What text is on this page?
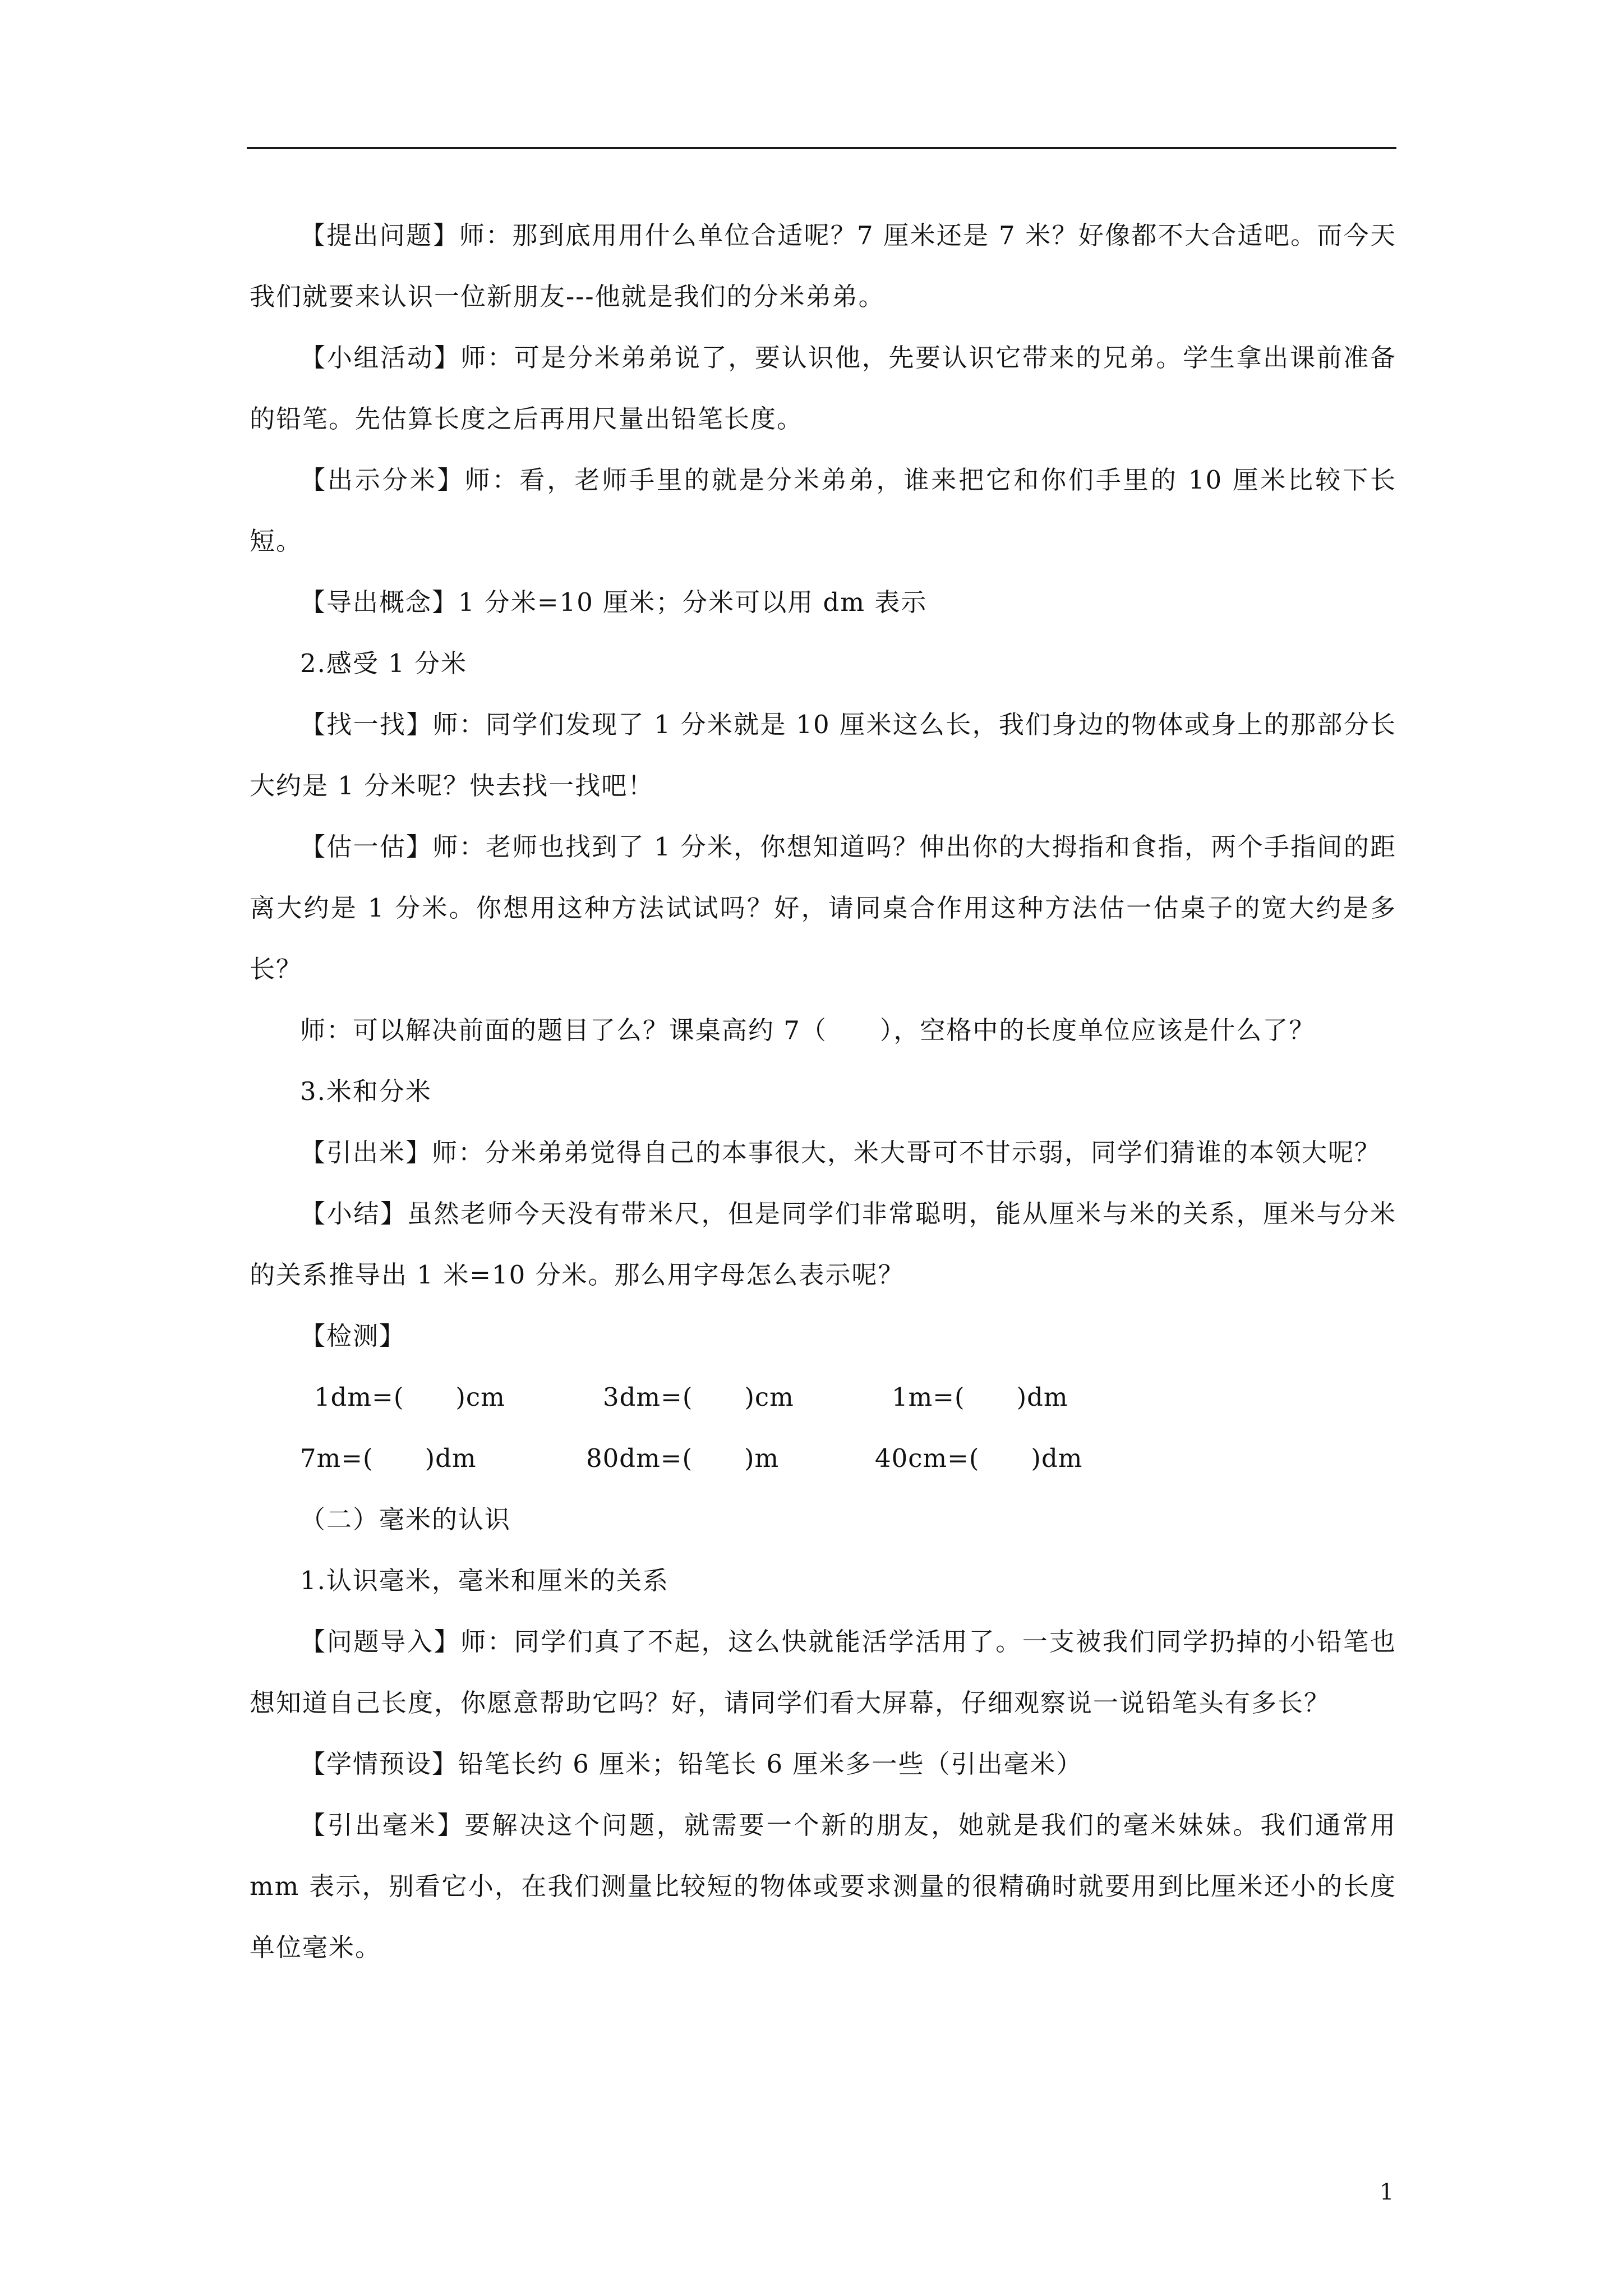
【提出问题】师：那到底用用什么单位合适呢？7 厘米还是 7 米？好像都不大合适吧。而今天我们就要来认识一位新朋友---他就是我们的分米弟弟。

【小组活动】师：可是分米弟弟说了，要认识他，先要认识它带来的兄弟。学生拿出课前准备的铅笔。先估算长度之后再用尺量出铅笔长度。

【出示分米】师：看，老师手里的就是分米弟弟，谁来把它和你们手里的 10 厘米比较下长短。

【导出概念】1 分米=10 厘米；分米可以用 dm 表示

2.感受 1 分米

【找一找】师：同学们发现了 1 分米就是 10 厘米这么长，我们身边的物体或身上的那部分长大约是 1 分米呢？快去找一找吧！

【估一估】师：老师也找到了 1 分米，你想知道吗？伸出你的大拇指和食指，两个手指间的距离大约是 1 分米。你想用这种方法试试吗？好，请同桌合作用这种方法估一估桌子的宽大约是多长？

师：可以解决前面的题目了么？课桌高约 7（　　），空格中的长度单位应该是什么了？

3.米和分米

【引出米】师：分米弟弟觉得自己的本事很大，米大哥可不甘示弱，同学们猜谁的本领大呢？

【小结】虽然老师今天没有带米尺，但是同学们非常聪明，能从厘米与米的关系，厘米与分米的关系推导出 1 米=10 分米。那么用字母怎么表示呢？

【检测】

1dm=(　　)cm	3dm=(　　)cm	1m=(　　)dm
7m=(　　)dm	80dm=(　　)m	40cm=(　　)dm

（二）毫米的认识

1.认识毫米，毫米和厘米的关系

【问题导入】师：同学们真了不起，这么快就能活学活用了。一支被我们同学扔掉的小铅笔也想知道自己长度，你愿意帮助它吗？好，请同学们看大屏幕，仔细观察说一说铅笔头有多长？

【学情预设】铅笔长约 6 厘米；铅笔长 6 厘米多一些（引出毫米）

【引出毫米】要解决这个问题，就需要一个新的朋友，她就是我们的毫米妹妹。我们通常用 mm 表示，别看它小，在我们测量比较短的物体或要求测量的很精确时就要用到比厘米还小的长度单位毫米。

1
